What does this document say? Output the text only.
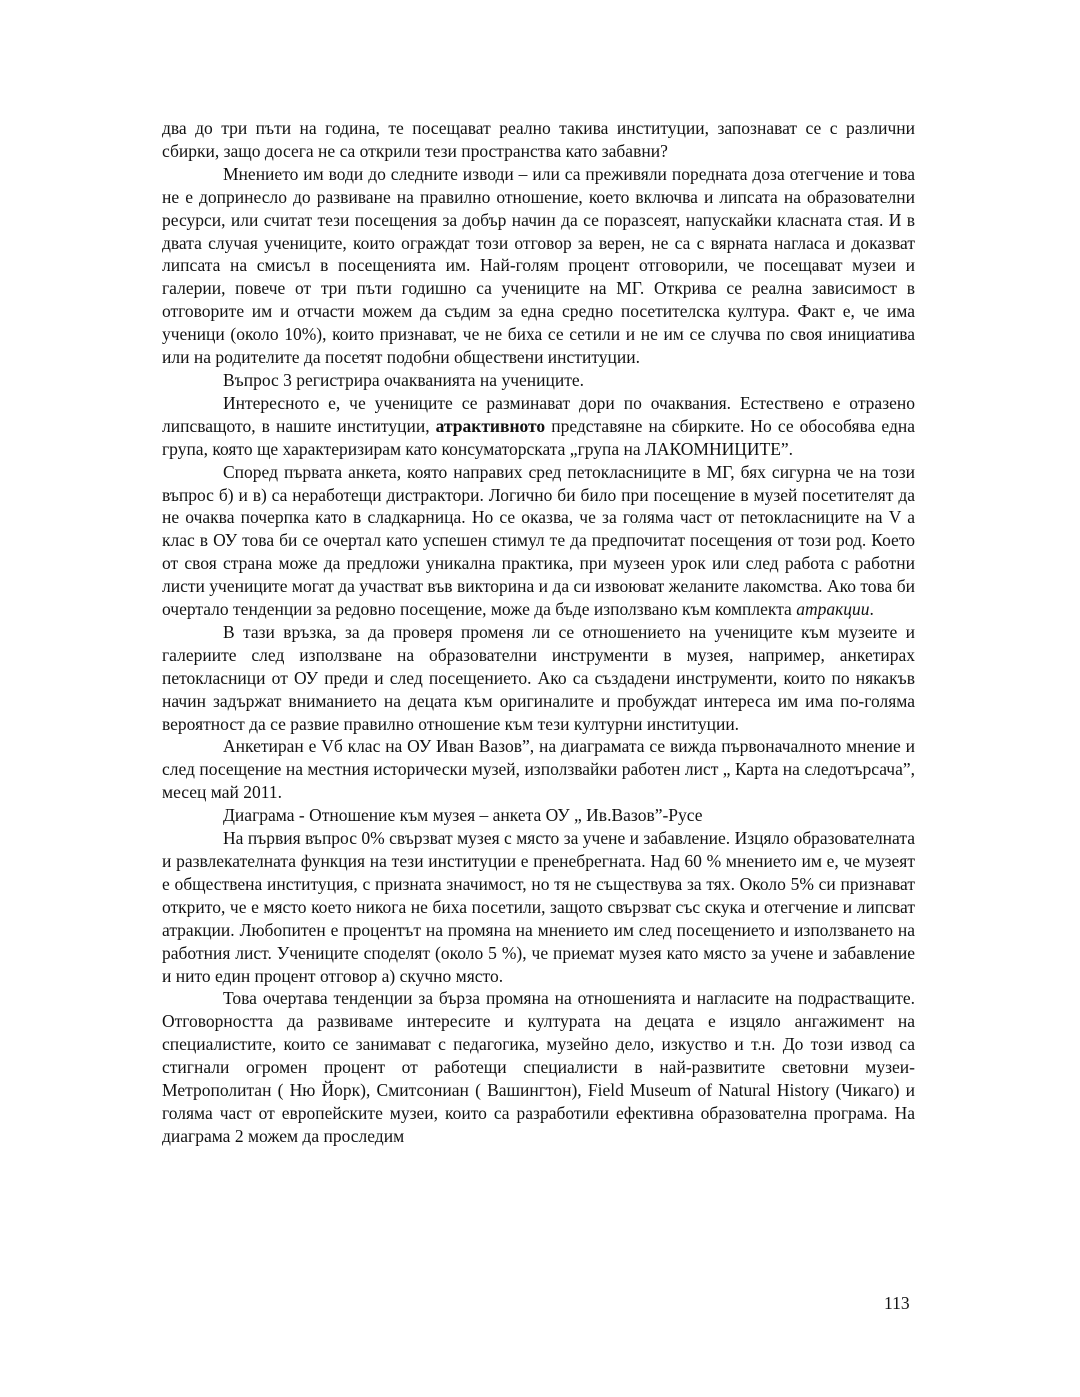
два до три пъти на година, те посещават реално такива институции, запознават се с различни сбирки, защо досега не са открили тези пространства като забавни?

Мнението им води до следните изводи – или са преживяли поредната доза отегчение и това не е допринесло до развиване на правилно отношение, което включва и липсата на образователни ресурси, или считат тези посещения за добър начин да се поразсеят, напускайки класната стая. И в двата случая учениците, които ограждат този отговор за верен, не са с вярната нагласа и доказват липсата на смисъл в посещенията им. Най-голям процент отговорили, че посещават музеи и галерии, повече от три пъти годишно са учениците на МГ. Открива се реална зависимост в отговорите им и отчасти можем да съдим за една средно посетителска култура. Факт е, че има ученици (около 10%), които признават, че не биха се сетили и не им се случва по своя инициатива или на родителите да посетят подобни обществени институции.

Въпрос 3 регистрира очакванията на учениците.

Интересното е, че учениците се разминават дори по очаквания. Естествено е отразено липсващото, в нашите институции, атрактивното представяне на сбирките. Но се обособява една група, която ще характеризирам като консуматорската „група на ЛАКОМНИЦИТЕ”.

Според първата анкета, която направих сред петокласниците в МГ, бях сигурна че на този въпрос б) и в) са неработещи дистрактори. Логично би било при посещение в музей посетителят да не очаква почерпка като в сладкарница. Но се оказва, че за голяма част от петокласниците на V а клас в ОУ това би се очертал като успешен стимул те да предпочитат посещения от този род. Което от своя страна може да предложи уникална практика, при музеен урок или след работа с работни листи учениците могат да участват във викторина и да си извоюват желаните лакомства. Ако това би очертало тенденции за редовно посещение, може да бъде използвано към комплекта атракции.

В тази връзка, за да проверя променя ли се отношението на учениците към музеите и галериите след използване на образователни инструменти в музея, например, анкетирах петокласници от ОУ преди и след посещението. Ако са създадени инструменти, които по някакъв начин задържат вниманието на децата към оригиналите и пробуждат интереса им има по-голяма вероятност да се развие правилно отношение към тези културни институции.

Анкетиран е Vб клас на ОУ Иван Вазов”, на диаграмата се вижда първоначалното мнение и след посещение на местния исторически музей, използвайки работен лист „ Карта на следотърсача”, месец май 2011.

Диаграма - Отношение към музея – анкета ОУ „ Ив.Вазов”-Русе

На първия въпрос 0% свързват музея с място за учене и забавление. Изцяло образователната и развлекателната функция на тези институции е пренебрегната. Над 60 % мнението им е, че музеят е обществена институция, с призната значимост, но тя не съществува за тях. Около 5% си признават открито, че е място което никога не биха посетили, защото свързват със скука и отегчение и липсват атракции. Любопитен е процентът на промяна на мнението им след посещението и използването на работния лист. Учениците споделят (около 5 %), че приемат музея като място за учене и забавление и нито един процент отговор а) скучно място.

Това очертава тенденции за бърза промяна на отношенията и нагласите на подрастващите. Отговорността да развиваме интересите и културата на децата е изцяло ангажимент на специалистите, които се занимават с педагогика, музейно дело, изкуство и т.н. До този извод са стигнали огромен процент от работещи специалисти в най-развитите световни музеи- Метрополитан ( Ню Йорк), Смитсониан ( Вашингтон), Field Museum of Natural History (Чикаго) и голяма част от европейските музеи, които са разработили ефективна образователна програма. На диаграма 2 можем да проследим

113
